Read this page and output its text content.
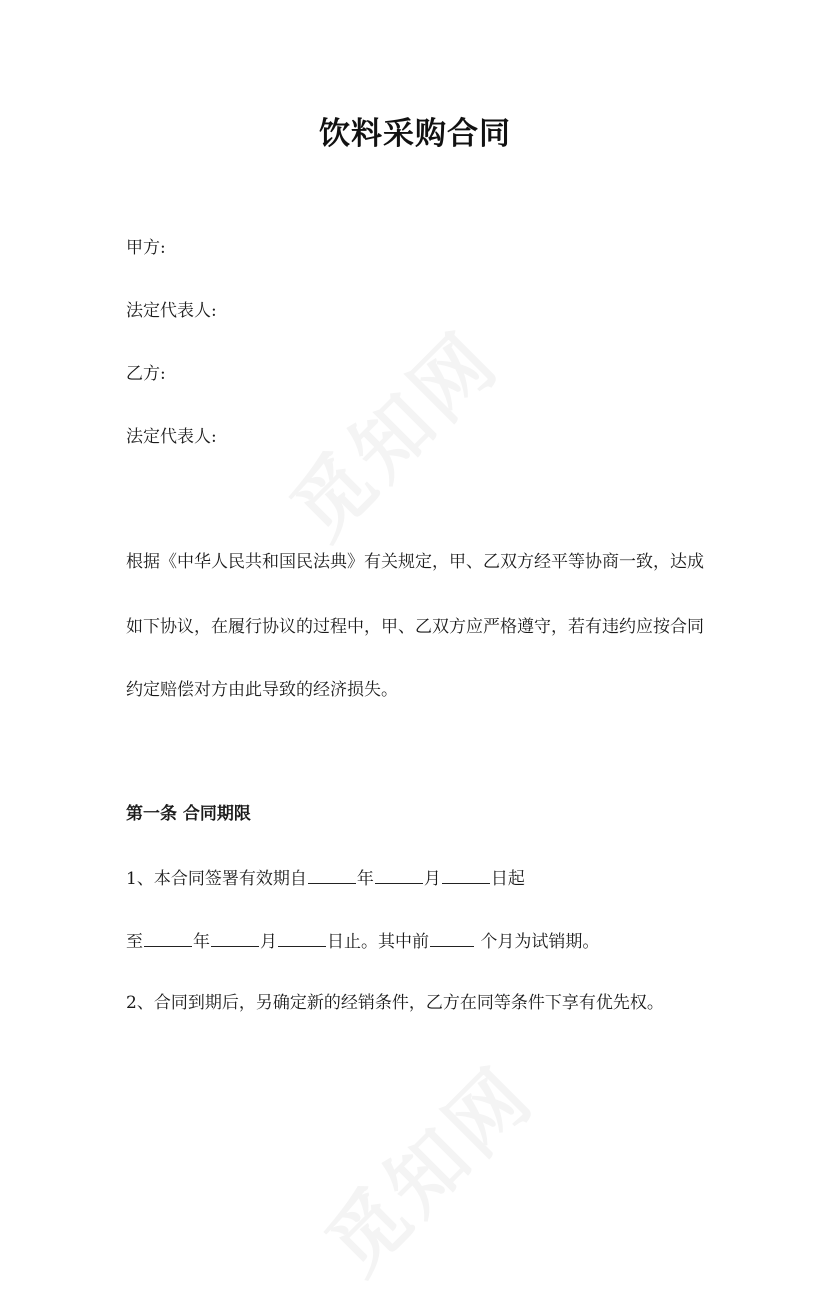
饮料采购合同
甲方:
法定代表人:
乙方:
法定代表人:
根据《中华人民共和国民法典》有关规定，甲、乙双方经平等协商一致，达成
如下协议，在履行协议的过程中，甲、乙双方应严格遵守，若有违约应按合同
约定赔偿对方由此导致的经济损失。
第一条 合同期限
1、本合同签署有效期自	年	月	日起
至	年	月	日止。其中前	个月为试销期。
2、合同到期后，另确定新的经销条件，乙方在同等条件下享有优先权。
